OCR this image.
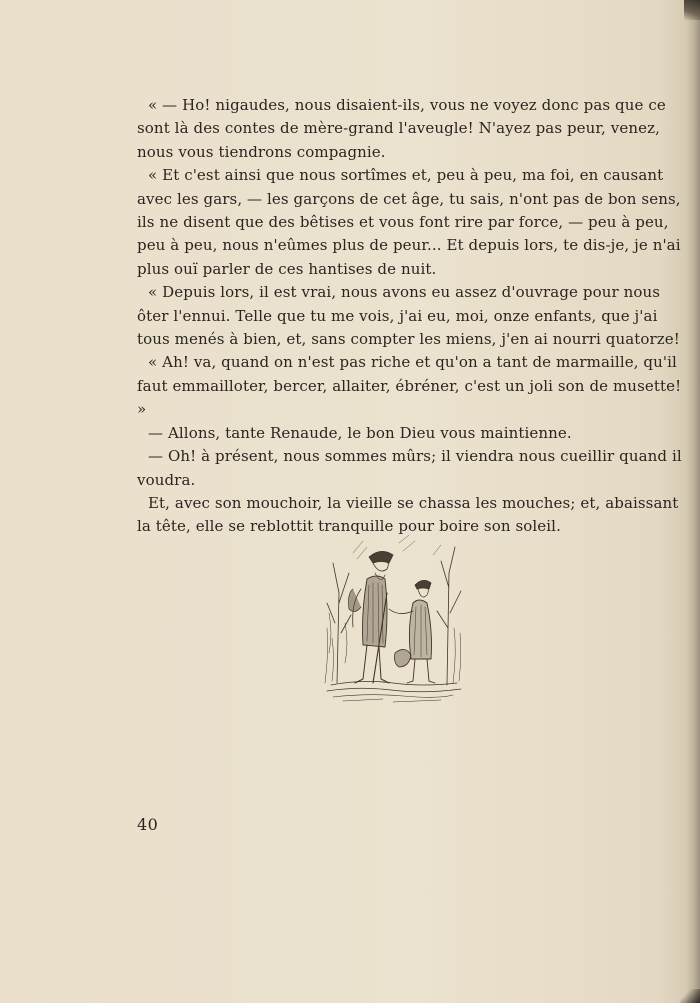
« — Ho! nigaudes, nous disaient-ils, vous ne voyez donc pas que ce sont là des contes de mère-grand l'aveugle! N'ayez pas peur, venez, nous vous tiendrons compagnie.

« Et c'est ainsi que nous sortîmes et, peu à peu, ma foi, en causant avec les gars, — les garçons de cet âge, tu sais, n'ont pas de bon sens, ils ne disent que des bêtises et vous font rire par force, — peu à peu, peu à peu, nous n'eûmes plus de peur... Et depuis lors, te dis-je, je n'ai plus ouï parler de ces hantises de nuit.

« Depuis lors, il est vrai, nous avons eu assez d'ouvrage pour nous ôter l'ennui. Telle que tu me vois, j'ai eu, moi, onze enfants, que j'ai tous menés à bien, et, sans compter les miens, j'en ai nourri quatorze!

« Ah! va, quand on n'est pas riche et qu'on a tant de marmaille, qu'il faut emmailloter, bercer, allaiter, ébréner, c'est un joli son de musette! »

— Allons, tante Renaude, le bon Dieu vous maintienne.

— Oh! à présent, nous sommes mûrs; il viendra nous cueillir quand il voudra.

Et, avec son mouchoir, la vieille se chassa les mouches; et, abaissant la tête, elle se reblottit tranquille pour boire son soleil.

40
